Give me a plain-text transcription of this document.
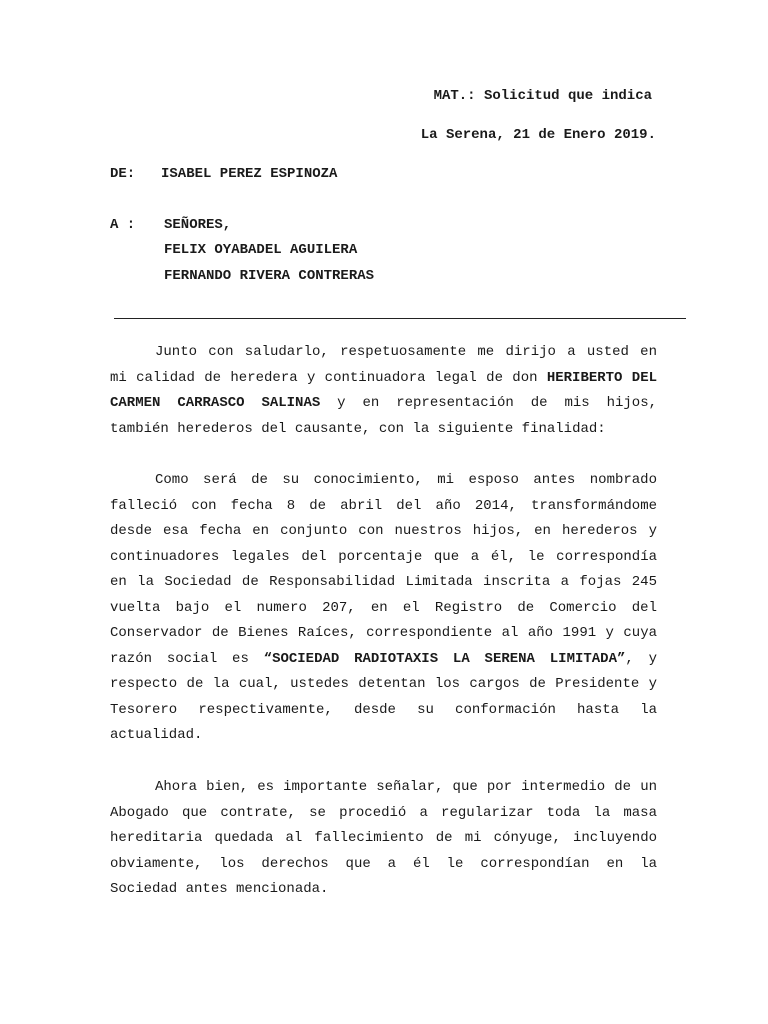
MAT.: Solicitud que indica
La Serena, 21 de Enero 2019.
DE: ISABEL PEREZ ESPINOZA
A : SEÑORES,
FELIX OYABADEL AGUILERA
FERNANDO RIVERA CONTRERAS
Junto con saludarlo, respetuosamente me dirijo a usted en
mi calidad de heredera y continuadora legal de don HERIBERTO DEL
CARMEN CARRASCO SALINAS y en representación de mis hijos,
también herederos del causante, con la siguiente finalidad:
Como será de su conocimiento, mi esposo antes nombrado
falleció con fecha 8 de abril del año 2014, transformándome
desde esa fecha en conjunto con nuestros hijos, en herederos y
continuadores legales del porcentaje que a él, le correspondía
en la Sociedad de Responsabilidad Limitada inscrita a fojas 245
vuelta bajo el numero 207, en el Registro de Comercio del
Conservador de Bienes Raíces, correspondiente al año 1991 y cuya
razón social es “SOCIEDAD RADIOTAXIS LA SERENA LIMITADA”, y
respecto de la cual, ustedes detentan los cargos de Presidente y
Tesorero respectivamente, desde su conformación hasta la
actualidad.
Ahora bien, es importante señalar, que por intermedio de un
Abogado que contrate, se procedió a regularizar toda la masa
hereditaria quedada al fallecimiento de mi cónyuge, incluyendo
obviamente, los derechos que a él le correspondían en la
Sociedad antes mencionada.
